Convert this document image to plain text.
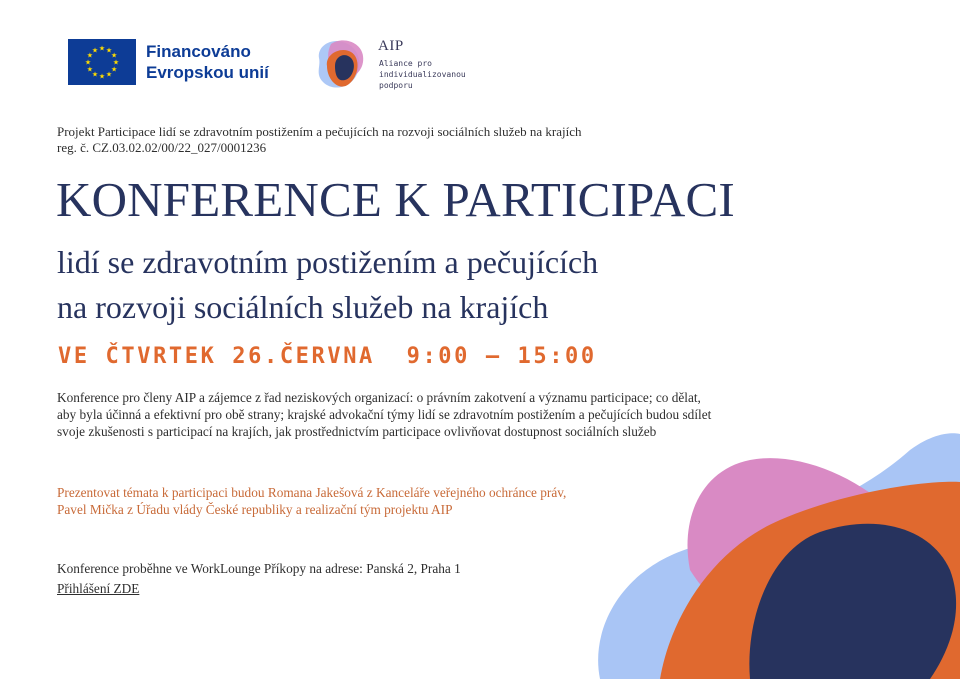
★ ★
★
★
★
★
★
★
★
★
★
★	Financováno
Evropskou unií
AIP
Aliance pro
individualizovanou
podporu
Projekt Participace lidí se zdravotním postižením a pečujících na rozvoji sociálních služeb na krajích
reg. č. CZ.03.02.02/00/22_027/0001236
KONFERENCE K PARTICIPACI
lidí se zdravotním postižením a pečujících
na rozvoji sociálních služeb na krajích
VE ČTVRTEK 26.ČERVNA  9:00 – 15:00
Konference pro členy AIP a zájemce z řad neziskových organizací: o právním zakotvení a významu participace; co dělat,
aby byla účinná a efektivní pro obě strany; krajské advokační týmy lidí se zdravotním postižením a pečujících budou sdílet
svoje zkušenosti s participací na krajích, jak prostřednictvím participace ovlivňovat dostupnost sociálních služeb
Prezentovat témata k participaci budou Romana Jakešová z Kanceláře veřejného ochránce práv,
Pavel Mička z Úřadu vlády České republiky a realizační tým projektu AIP
Konference proběhne ve WorkLounge Příkopy na adrese: Panská 2, Praha 1
Přihlášení ZDE
